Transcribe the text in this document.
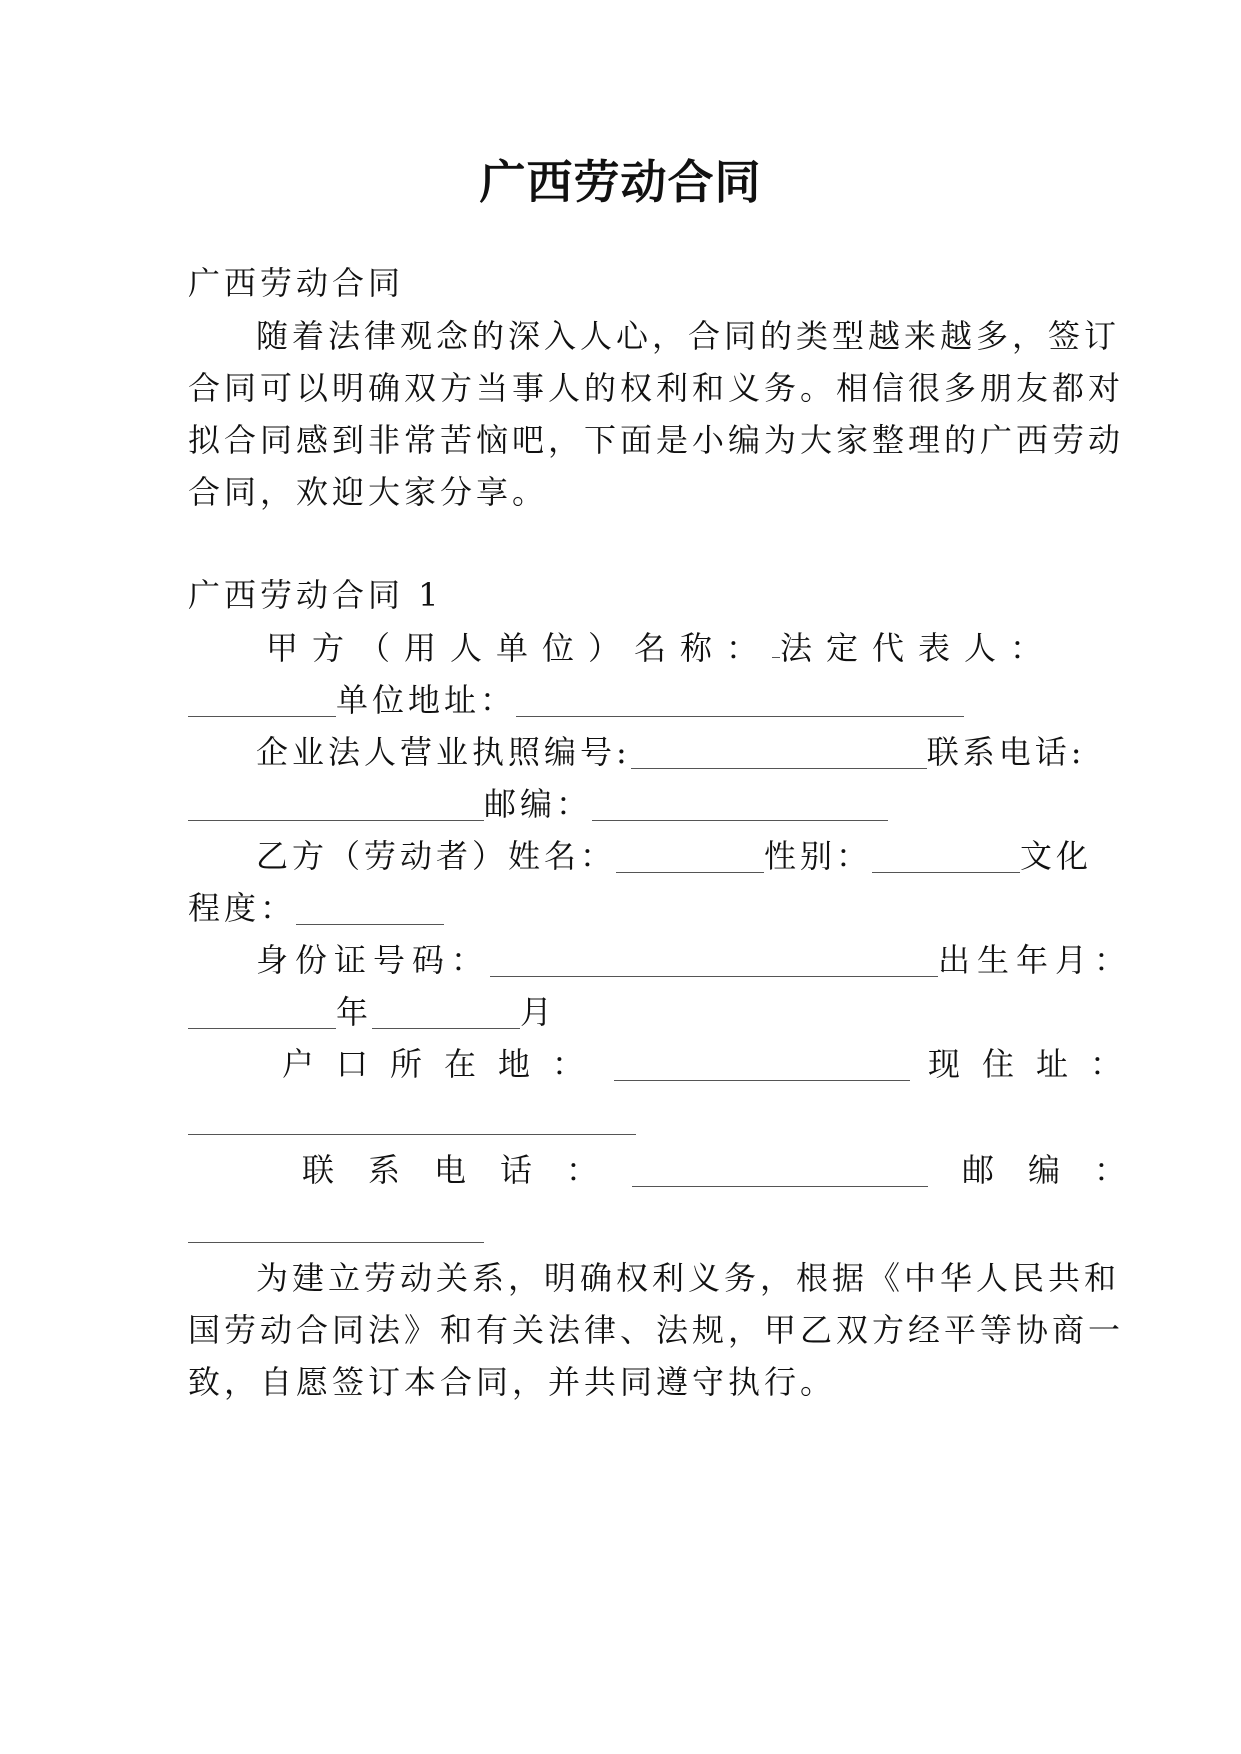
广西劳动合同
广西劳动合同
随着法律观念的深入人心，合同的类型越来越多，签订
合同可以明确双方当事人的权利和义务。相信很多朋友都对
拟合同感到非常苦恼吧，下面是小编为大家整理的广西劳动
合同，欢迎大家分享。
广西劳动合同 1
甲方（用人单位）名称： 法定代表人：
单位地址：
企业法人营业执照编号:	联系电话:
邮编：
乙方（劳动者）姓名：	性别：	文化
程度：
身份证号码：	出生年月：
年	月
户口所在地：	现住址：
联系电话：	邮编：
为建立劳动关系，明确权利义务，根据《中华人民共和
国劳动合同法》和有关法律、法规，甲乙双方经平等协商一
致，自愿签订本合同，并共同遵守执行。
